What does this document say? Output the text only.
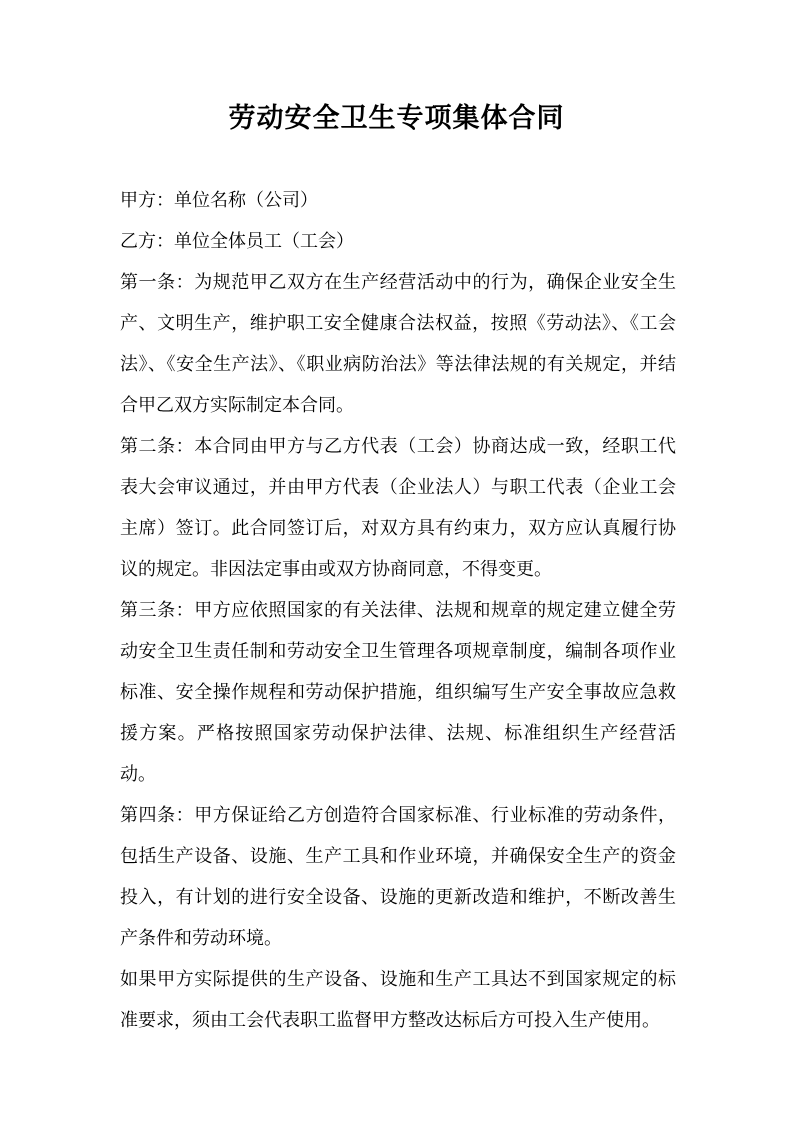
劳动安全卫生专项集体合同

甲方：单位名称（公司）

乙方：单位全体员工（工会）

第一条：为规范甲乙双方在生产经营活动中的行为，确保企业安全生产、文明生产，维护职工安全健康合法权益，按照《劳动法》、《工会法》、《安全生产法》、《职业病防治法》等法律法规的有关规定，并结合甲乙双方实际制定本合同。

第二条：本合同由甲方与乙方代表（工会）协商达成一致，经职工代表大会审议通过，并由甲方代表（企业法人）与职工代表（企业工会主席）签订。此合同签订后，对双方具有约束力，双方应认真履行协议的规定。非因法定事由或双方协商同意，不得变更。

第三条：甲方应依照国家的有关法律、法规和规章的规定建立健全劳动安全卫生责任制和劳动安全卫生管理各项规章制度，编制各项作业标准、安全操作规程和劳动保护措施，组织编写生产安全事故应急救援方案。严格按照国家劳动保护法律、法规、标准组织生产经营活动。

第四条：甲方保证给乙方创造符合国家标准、行业标准的劳动条件，包括生产设备、设施、生产工具和作业环境，并确保安全生产的资金投入，有计划的进行安全设备、设施的更新改造和维护，不断改善生产条件和劳动环境。

如果甲方实际提供的生产设备、设施和生产工具达不到国家规定的标准要求，须由工会代表职工监督甲方整改达标后方可投入生产使用。
